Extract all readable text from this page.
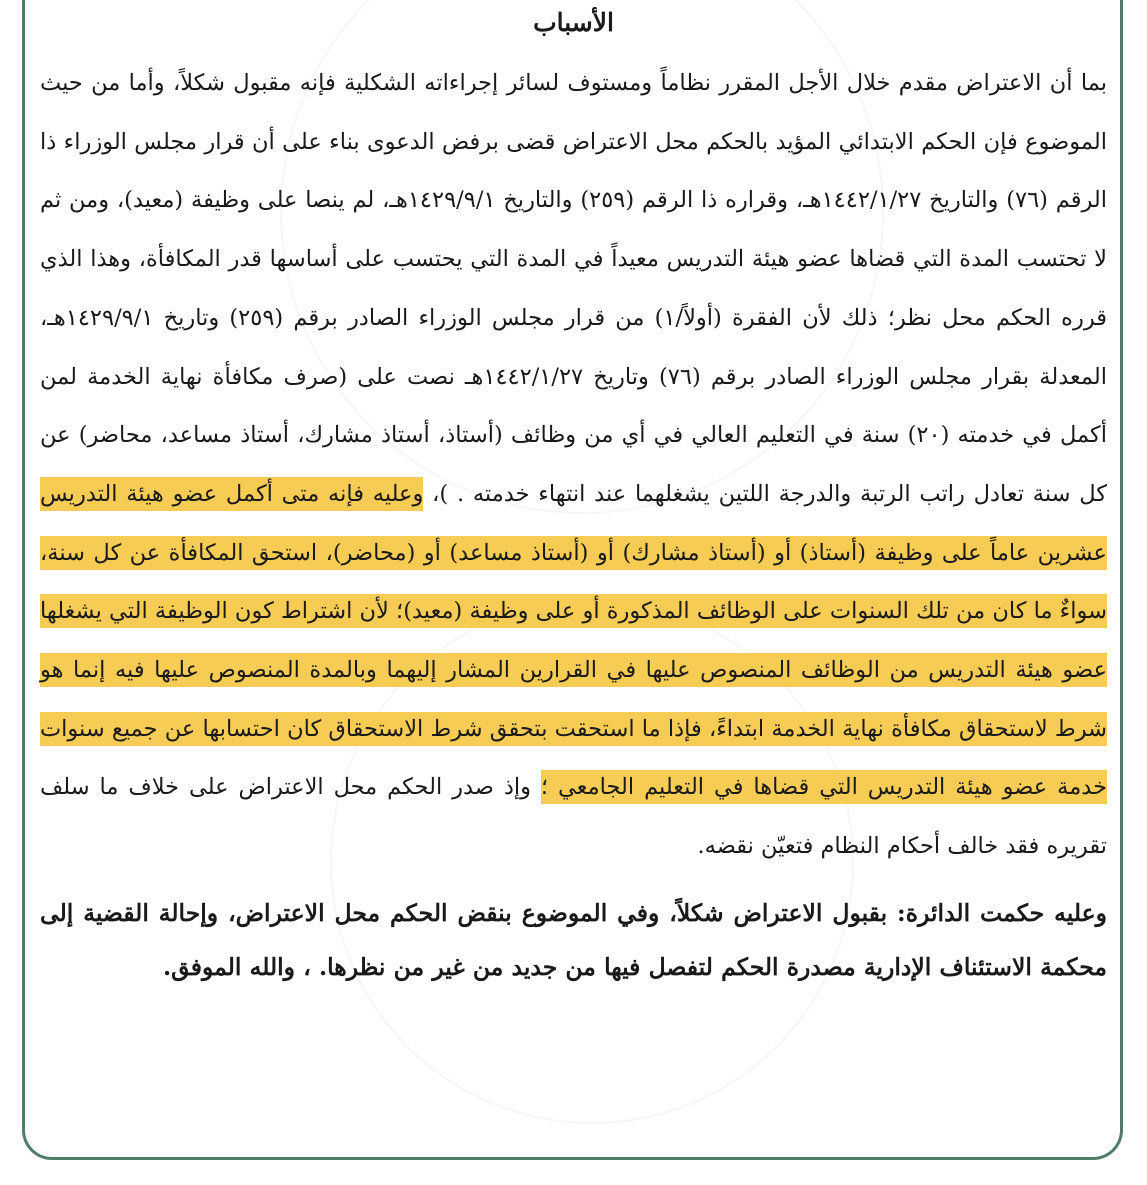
الأسباب

بما أن الاعتراض مقدم خلال الأجل المقرر نظاماً ومستوف لسائر إجراءاته الشكلية فإنه مقبول شكلاً، وأما من حيث الموضوع فإن الحكم الابتدائي المؤيد بالحكم محل الاعتراض قضى برفض الدعوى بناء على أن قرار مجلس الوزراء ذا الرقم (٧٦) والتاريخ ١٤٤٢/١/٢٧هـ، وقراره ذا الرقم (٢٥٩) والتاريخ ١٤٢٩/٩/١هـ، لم ينصا على وظيفة (معيد)، ومن ثم لا تحتسب المدة التي قضاها عضو هيئة التدريس معيداً في المدة التي يحتسب على أساسها قدر المكافأة، وهذا الذي قرره الحكم محل نظر؛ ذلك لأن الفقرة (أولاً/١) من قرار مجلس الوزراء الصادر برقم (٢٥٩) وتاريخ ١٤٢٩/٩/١هـ، المعدلة بقرار مجلس الوزراء الصادر برقم (٧٦) وتاريخ ١٤٤٢/١/٢٧هـ نصت على (صرف مكافأة نهاية الخدمة لمن أكمل في خدمته (٢٠) سنة في التعليم العالي في أي من وظائف (أستاذ، أستاذ مشارك، أستاذ مساعد، محاضر) عن كل سنة تعادل راتب الرتبة والدرجة اللتين يشغلهما عند انتهاء خدمته . )، وعليه فإنه متى أكمل عضو هيئة التدريس عشرين عاماً على وظيفة (أستاذ) أو (أستاذ مشارك) أو (أستاذ مساعد) أو (محاضر)، استحق المكافأة عن كل سنة، سواءٌ ما كان من تلك السنوات على الوظائف المذكورة أو على وظيفة (معيد)؛ لأن اشتراط كون الوظيفة التي يشغلها عضو هيئة التدريس من الوظائف المنصوص عليها في القرارين المشار إليهما وبالمدة المنصوص عليها فيه إنما هو شرط لاستحقاق مكافأة نهاية الخدمة ابتداءً، فإذا ما استحقت بتحقق شرط الاستحقاق كان احتسابها عن جميع سنوات خدمة عضو هيئة التدريس التي قضاها في التعليم الجامعي ؛ وإذ صدر الحكم محل الاعتراض على خلاف ما سلف تقريره فقد خالف أحكام النظام فتعيّن نقضه.

وعليه حكمت الدائرة: بقبول الاعتراض شكلاً، وفي الموضوع بنقض الحكم محل الاعتراض، وإحالة القضية إلى محكمة الاستئناف الإدارية مصدرة الحكم لتفصل فيها من جديد من غير من نظرها. ، والله الموفق.
